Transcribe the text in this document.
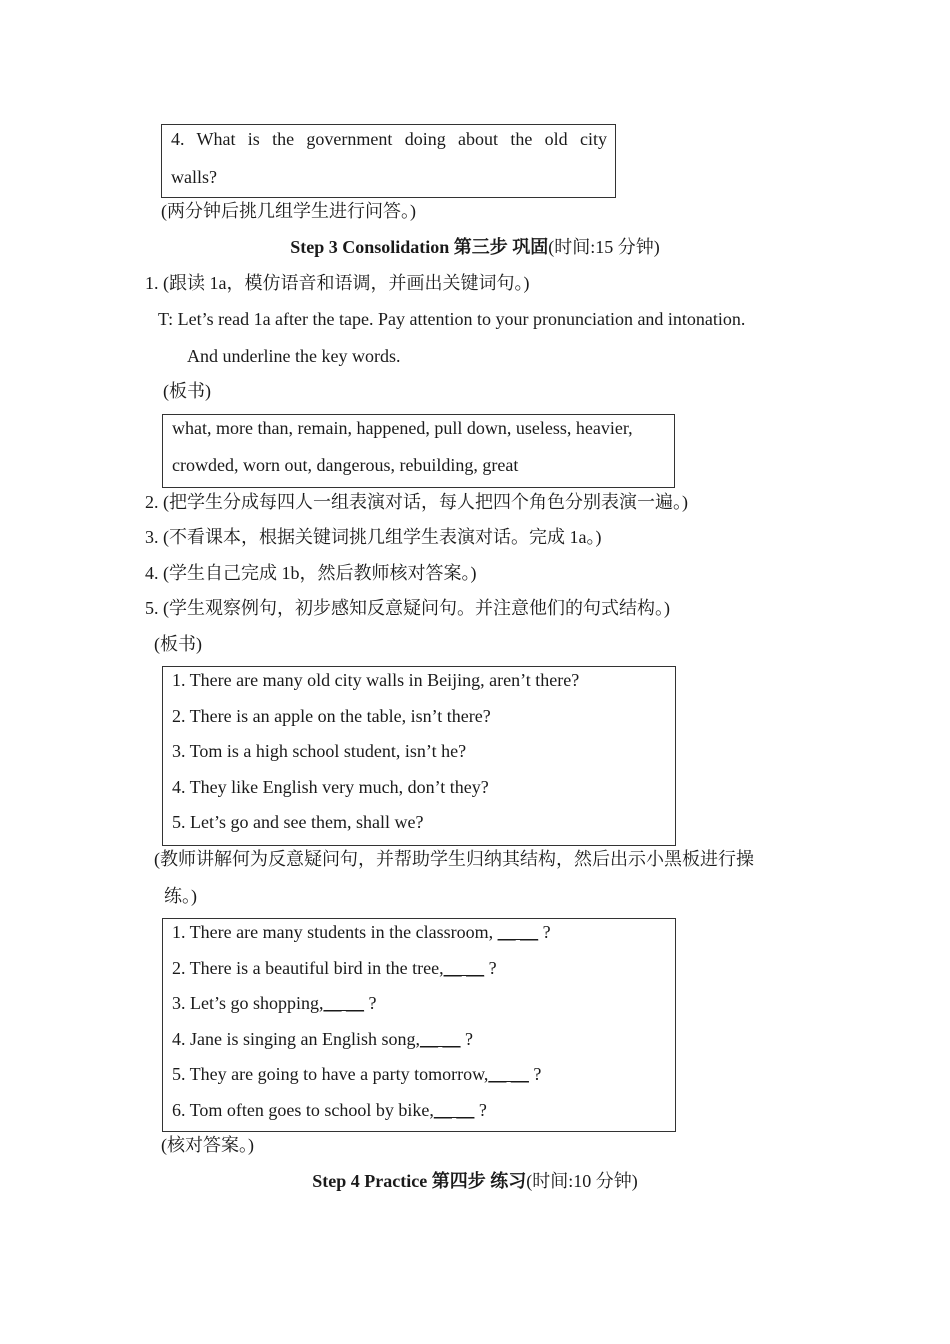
4. What is the government doing about the old city
walls?
(两分钟后挑几组学生进行问答。)
Step 3 Consolidation 第三步 巩固(时间:15 分钟)
1. (跟读 1a，模仿语音和语调，并画出关键词句。)
T: Let’s read 1a after the tape. Pay attention to your pronunciation and intonation.
And underline the key words.
(板书)
what, more than, remain, happened, pull down, useless, heavier,
crowded, worn out, dangerous, rebuilding, great
2. (把学生分成每四人一组表演对话，每人把四个角色分别表演一遍。)
3. (不看课本，根据关键词挑几组学生表演对话。完成 1a。)
4. (学生自己完成 1b，然后教师核对答案。)
5. (学生观察例句，初步感知反意疑问句。并注意他们的句式结构。)
(板书)
1. There are many old city walls in Beijing, aren’t there?
2. There is an apple on the table, isn’t there?
3. Tom is a high school student, isn’t he?
4. They like English very much, don’t they?
5. Let’s go and see them, shall we?
(教师讲解何为反意疑问句，并帮助学生归纳其结构，然后出示小黑板进行操
练。)
1. There are many students in the classroom, __ __ ?
2. There is a beautiful bird in the tree,__ __ ?
3. Let’s go shopping,__ __ ?
4. Jane is singing an English song,__ __ ?
5. They are going to have a party tomorrow,__ __ ?
6. Tom often goes to school by bike,__ __ ?
(核对答案。)
Step 4 Practice 第四步 练习(时间:10 分钟)
